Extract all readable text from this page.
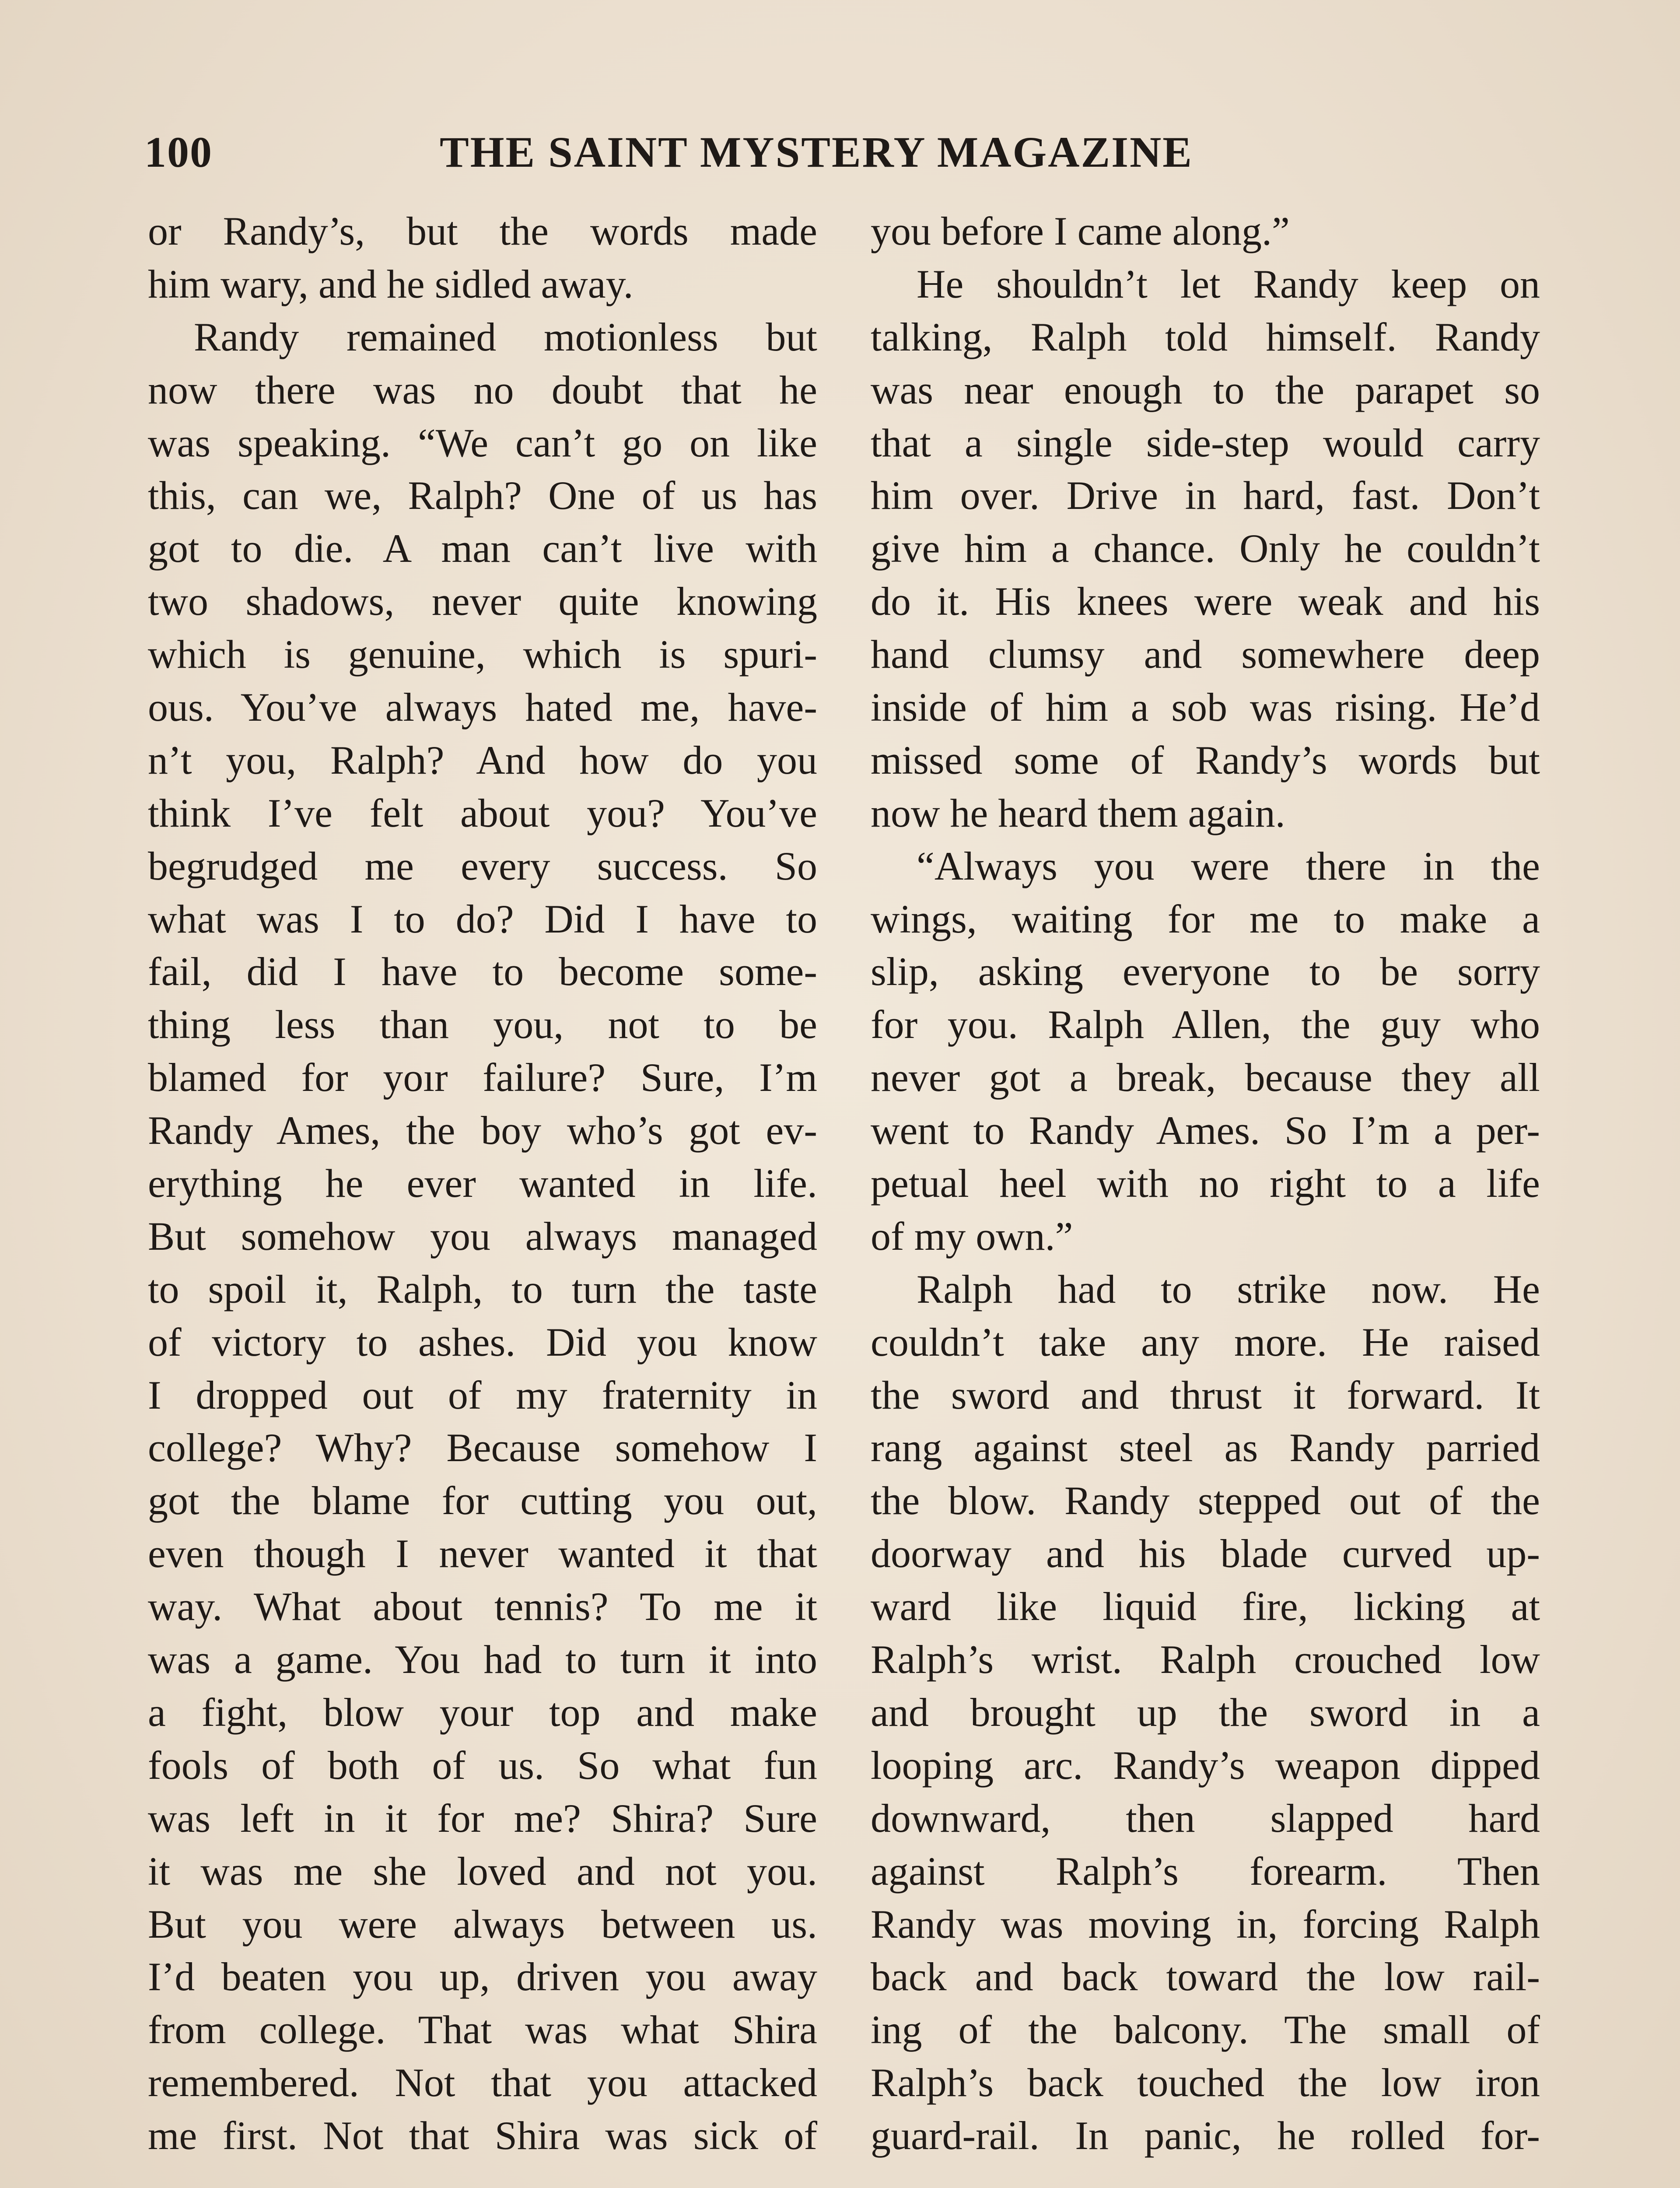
100	THE SAINT MYSTERY MAGAZINE
or Randy’s, but the words made
him wary, and he sidled away.
Randy remained motionless but
now there was no doubt that he
was speaking. “We can’t go on like
this, can we, Ralph? One of us has
got to die. A man can’t live with
two shadows, never quite knowing
which is genuine, which is spuri-
ous. You’ve always hated me, have-
n’t you, Ralph? And how do you
think I’ve felt about you? You’ve
begrudged me every success. So
what was I to do? Did I have to
fail, did I have to become some-
thing less than you, not to be
blamed for yoır failure? Sure, I’m
Randy Ames, the boy who’s got ev-
erything he ever wanted in life.
But somehow you always managed
to spoil it, Ralph, to turn the taste
of victory to ashes. Did you know
I dropped out of my fraternity in
college? Why? Because somehow I
got the blame for cutting you out,
even though I never wanted it that
way. What about tennis? To me it
was a game. You had to turn it into
a fight, blow your top and make
fools of both of us. So what fun
was left in it for me? Shira? Sure
it was me she loved and not you.
But you were always between us.
I’d beaten you up, driven you away
from college. That was what Shira
remembered. Not that you attacked
me first. Not that Shira was sick of
you before I came along.”
He shouldn’t let Randy keep on
talking, Ralph told himself. Randy
was near enough to the parapet so
that a single side-step would carry
him over. Drive in hard, fast. Don’t
give him a chance. Only he couldn’t
do it. His knees were weak and his
hand clumsy and somewhere deep
inside of him a sob was rising. He’d
missed some of Randy’s words but
now he heard them again.
“Always you were there in the
wings, waiting for me to make a
slip, asking everyone to be sorry
for you. Ralph Allen, the guy who
never got a break, because they all
went to Randy Ames. So I’m a per-
petual heel with no right to a life
of my own.”
Ralph had to strike now. He
couldn’t take any more. He raised
the sword and thrust it forward. It
rang against steel as Randy parried
the blow. Randy stepped out of the
doorway and his blade curved up-
ward like liquid fire, licking at
Ralph’s wrist. Ralph crouched low
and brought up the sword in a
looping arc. Randy’s weapon dipped
downward, then slapped hard
against Ralph’s forearm. Then
Randy was moving in, forcing Ralph
back and back toward the low rail-
ing of the balcony. The small of
Ralph’s back touched the low iron
guard-rail. In panic, he rolled for-
